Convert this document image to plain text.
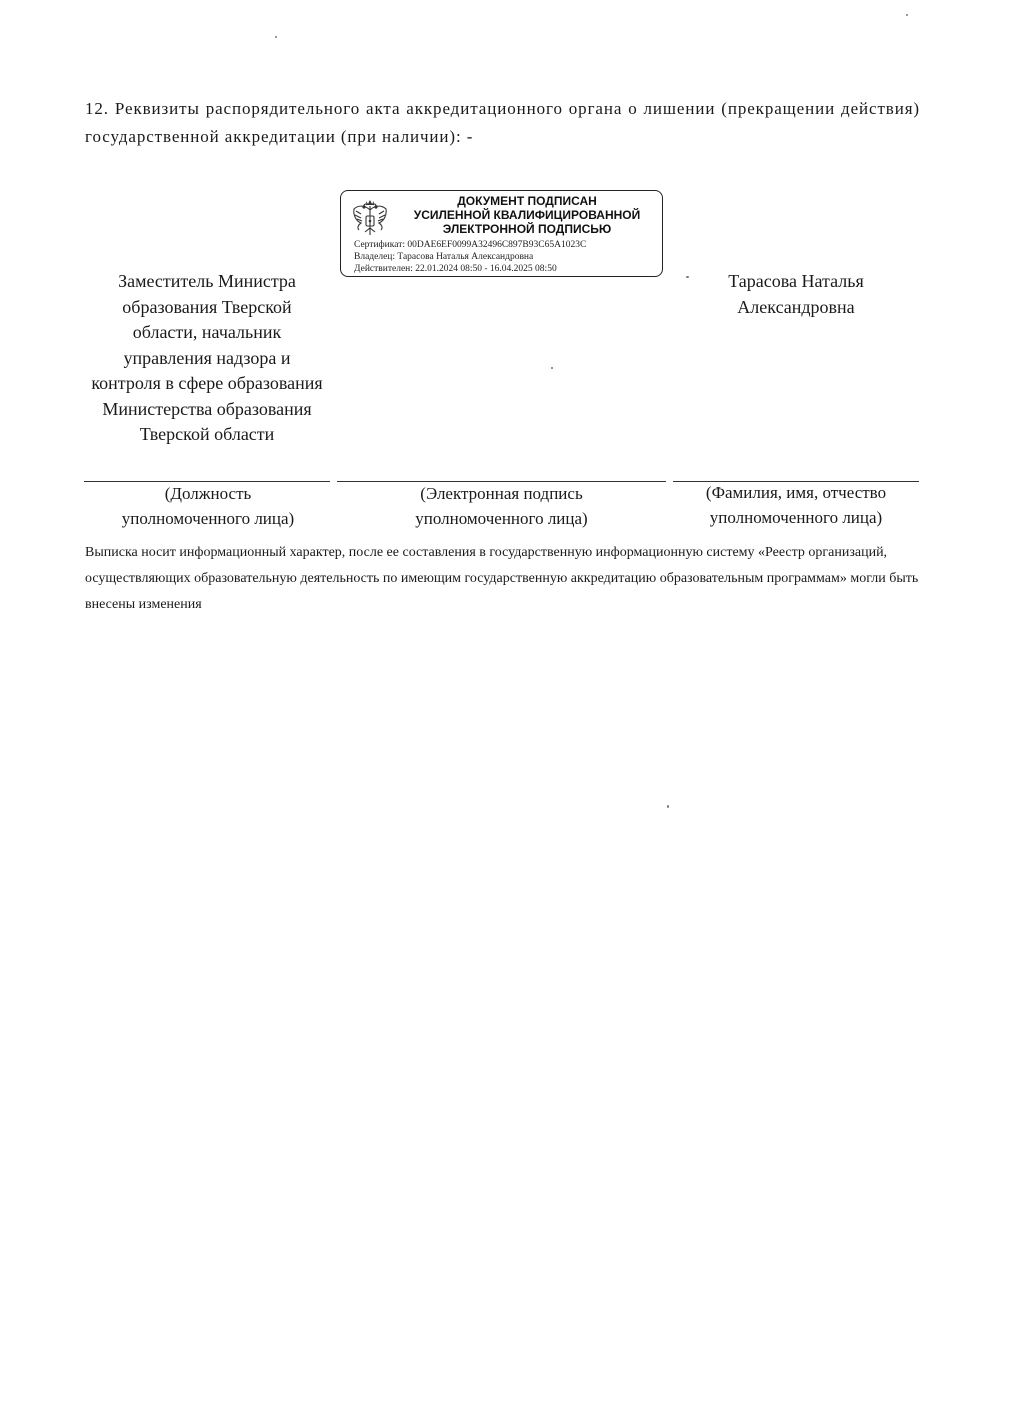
12. Реквизиты распорядительного акта аккредитационного органа о лишении (прекращении действия) государственной аккредитации (при наличии): -

ДОКУМЕНТ ПОДПИСАН
УСИЛЕННОЙ КВАЛИФИЦИРОВАННОЙ
ЭЛЕКТРОННОЙ ПОДПИСЬЮ
Сертификат: 00DAE6EF0099A32496C897B93C65A1023C
Владелец: Тарасова Наталья Александровна
Действителен: 22.01.2024 08:50 - 16.04.2025 08:50
Заместитель Министра образования Тверской области, начальник управления надзора и контроля в сфере образования Министерства образования Тверской области
Тарасова Наталья Александровна
(Должность
уполномоченного лица)
(Электронная подпись
уполномоченного лица)
(Фамилия, имя, отчество
уполномоченного лица)

Выписка носит информационный характер, после ее составления в государственную информационную систему «Реестр организаций, осуществляющих образовательную деятельность по имеющим государственную аккредитацию образовательным программам» могли быть внесены изменения
